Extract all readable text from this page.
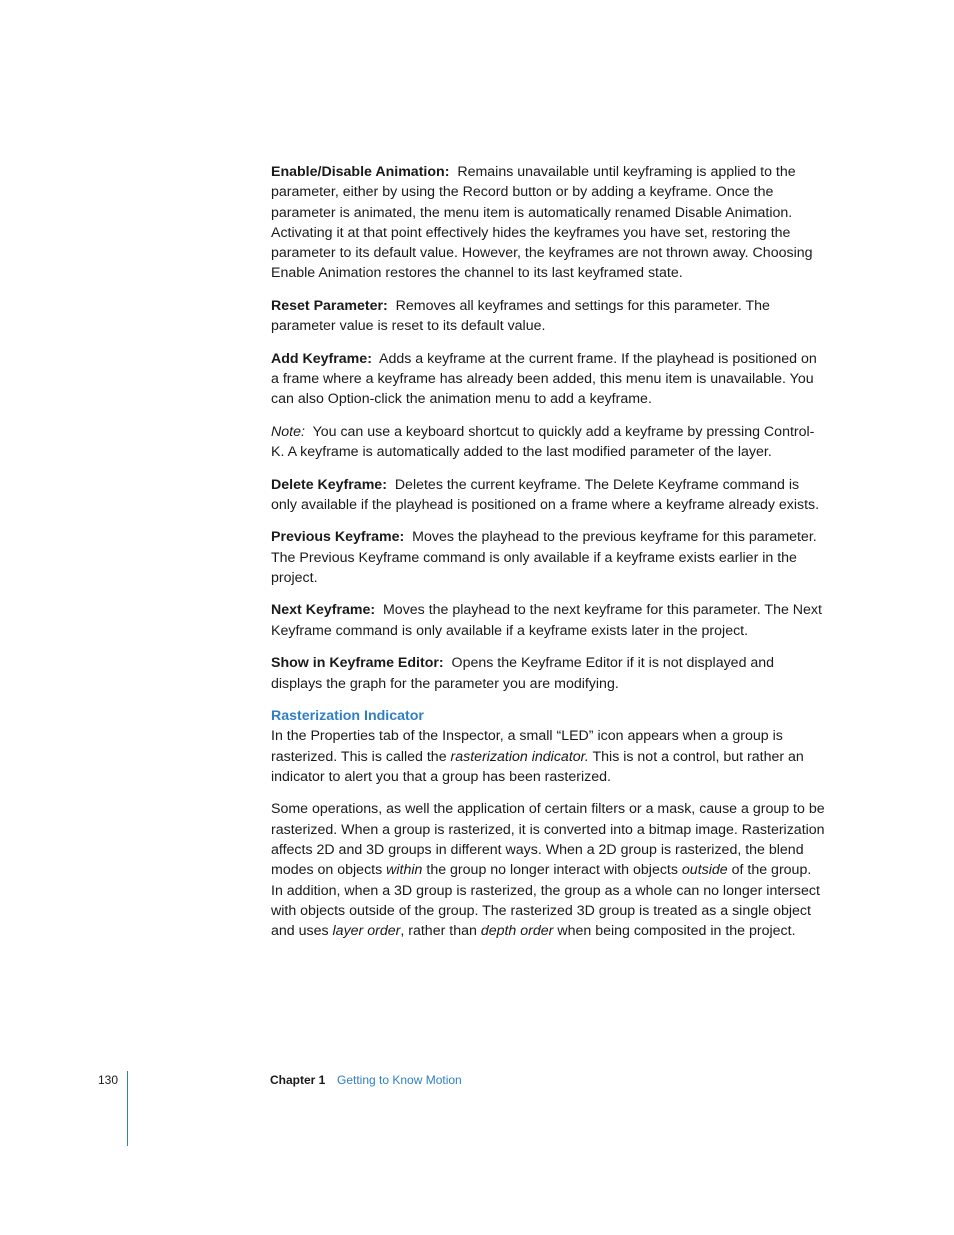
Enable/Disable Animation: Remains unavailable until keyframing is applied to the parameter, either by using the Record button or by adding a keyframe. Once the parameter is animated, the menu item is automatically renamed Disable Animation. Activating it at that point effectively hides the keyframes you have set, restoring the parameter to its default value. However, the keyframes are not thrown away. Choosing Enable Animation restores the channel to its last keyframed state.

Reset Parameter: Removes all keyframes and settings for this parameter. The parameter value is reset to its default value.

Add Keyframe: Adds a keyframe at the current frame. If the playhead is positioned on a frame where a keyframe has already been added, this menu item is unavailable. You can also Option-click the animation menu to add a keyframe.

Note: You can use a keyboard shortcut to quickly add a keyframe by pressing Control-K. A keyframe is automatically added to the last modified parameter of the layer.

Delete Keyframe: Deletes the current keyframe. The Delete Keyframe command is only available if the playhead is positioned on a frame where a keyframe already exists.

Previous Keyframe: Moves the playhead to the previous keyframe for this parameter. The Previous Keyframe command is only available if a keyframe exists earlier in the project.

Next Keyframe: Moves the playhead to the next keyframe for this parameter. The Next Keyframe command is only available if a keyframe exists later in the project.

Show in Keyframe Editor: Opens the Keyframe Editor if it is not displayed and displays the graph for the parameter you are modifying.

Rasterization Indicator

In the Properties tab of the Inspector, a small “LED” icon appears when a group is rasterized. This is called the rasterization indicator. This is not a control, but rather an indicator to alert you that a group has been rasterized.

Some operations, as well the application of certain filters or a mask, cause a group to be rasterized. When a group is rasterized, it is converted into a bitmap image. Rasterization affects 2D and 3D groups in different ways. When a 2D group is rasterized, the blend modes on objects within the group no longer interact with objects outside of the group. In addition, when a 3D group is rasterized, the group as a whole can no longer intersect with objects outside of the group. The rasterized 3D group is treated as a single object and uses layer order, rather than depth order when being composited in the project.

130	Chapter 1 Getting to Know Motion
